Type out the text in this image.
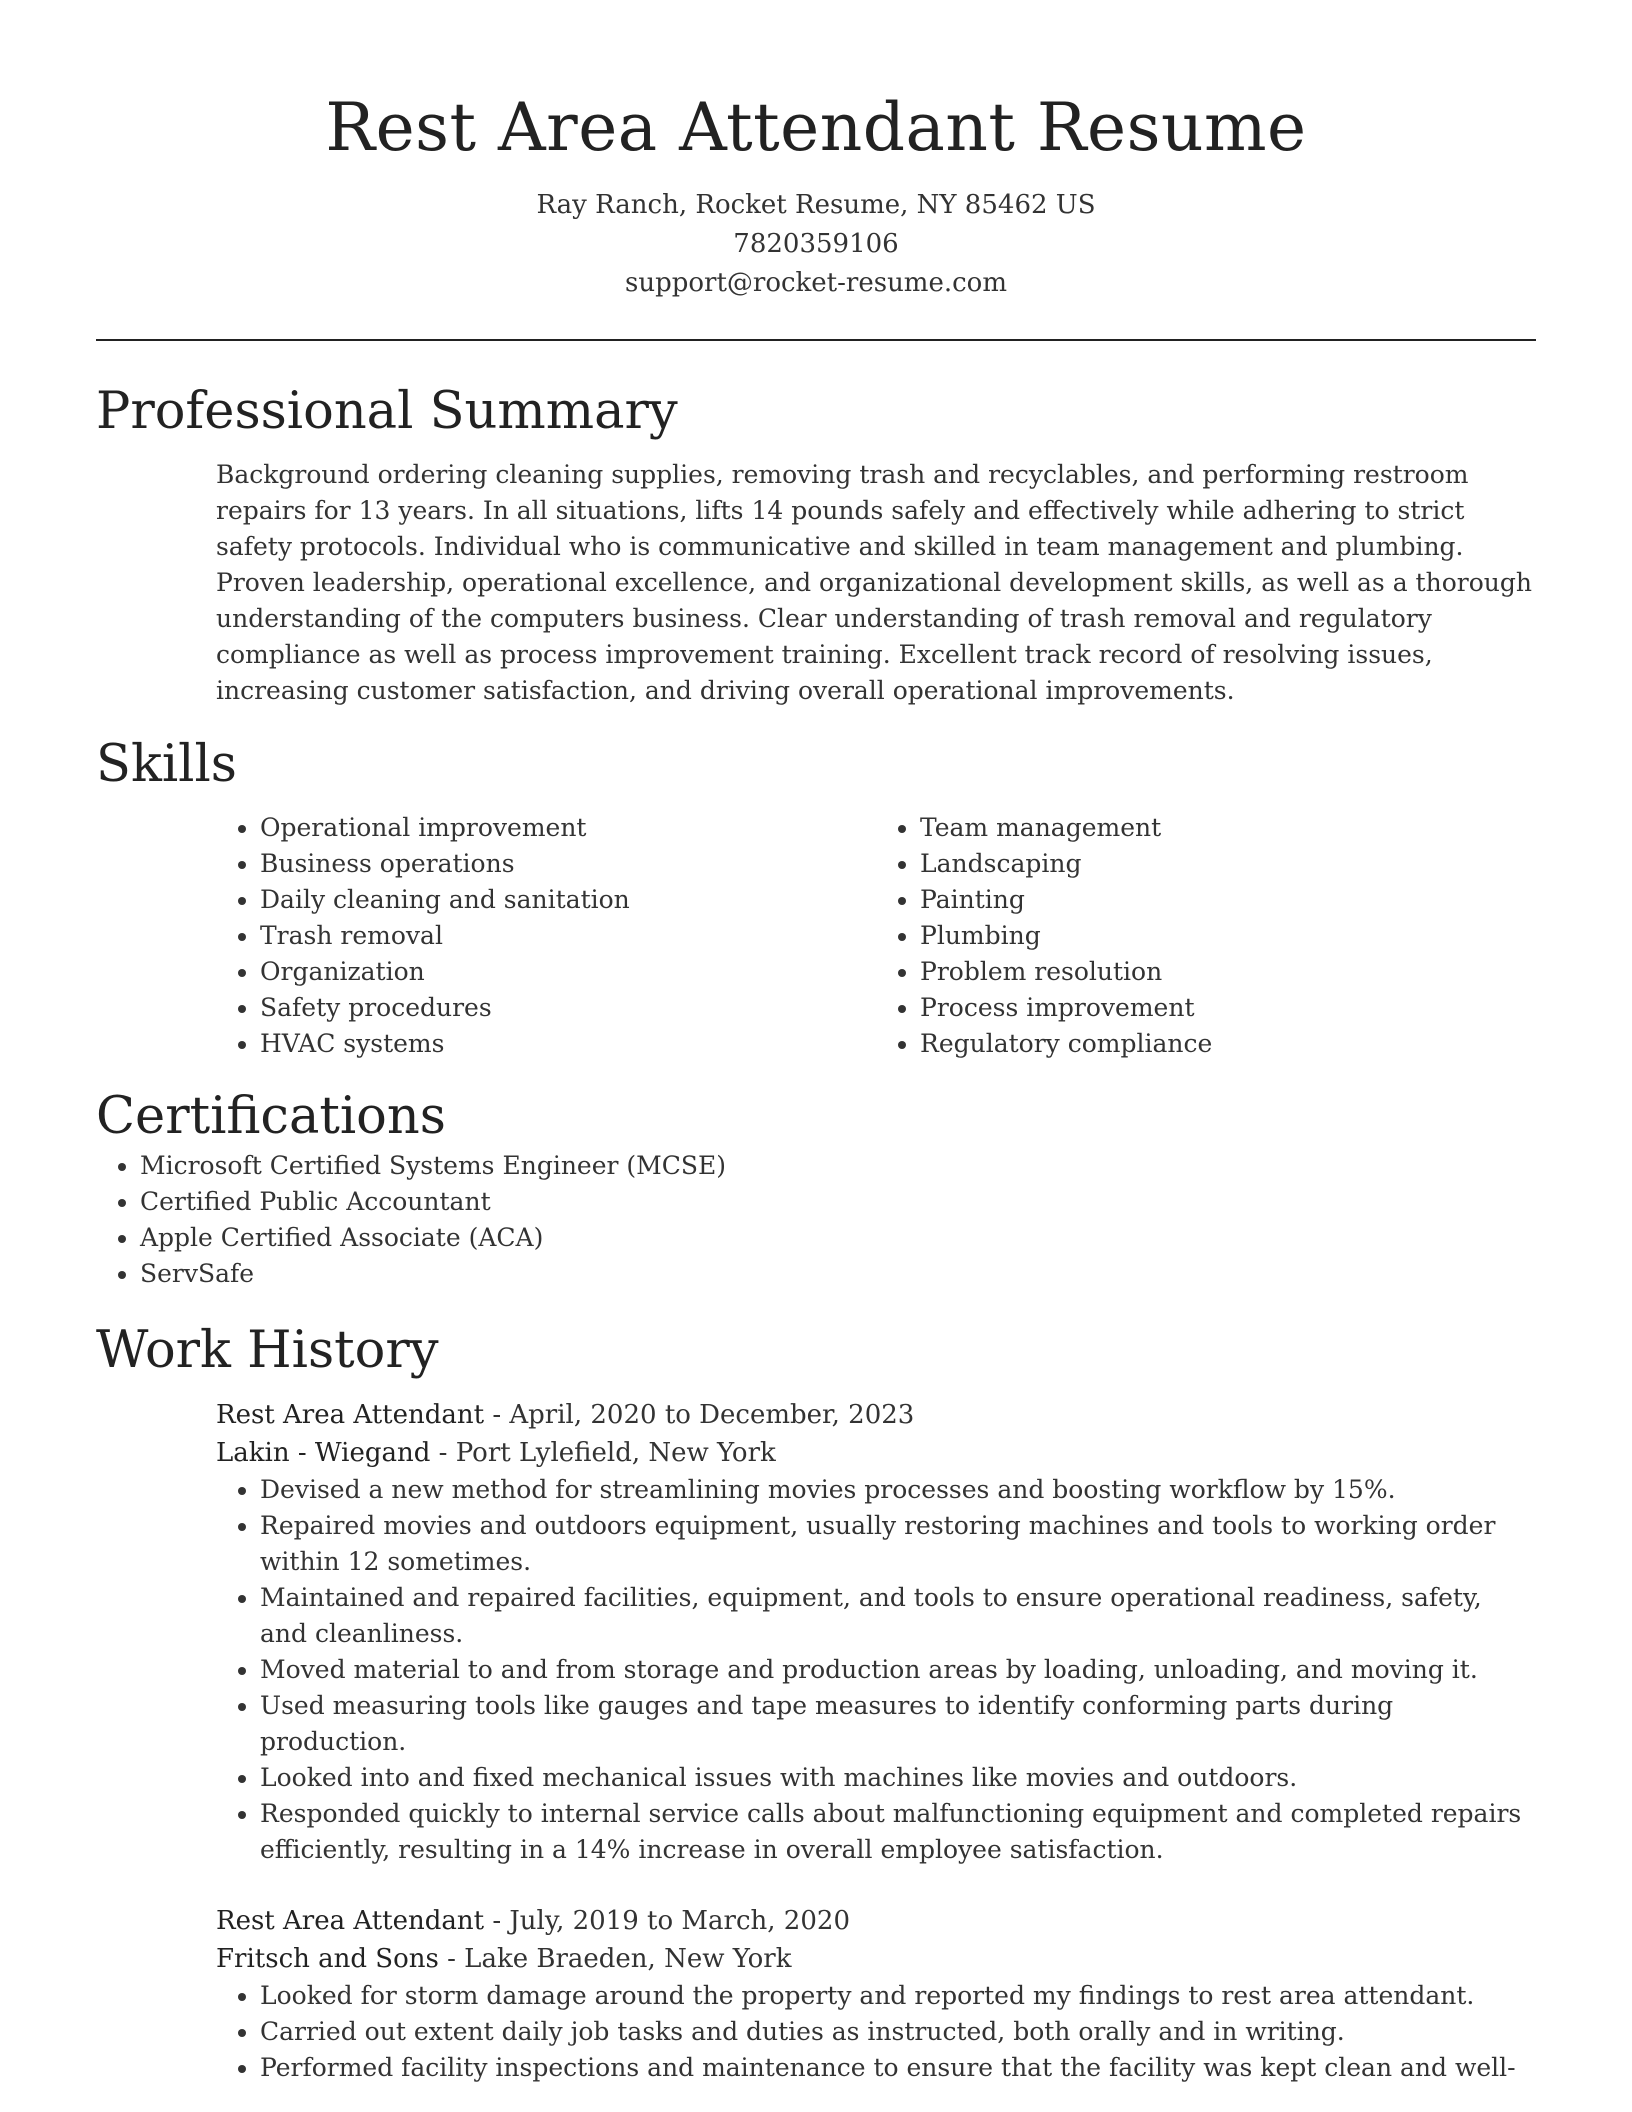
Rest Area Attendant Resume
Ray Ranch, Rocket Resume, NY 85462 US
7820359106
support@rocket-resume.com
Professional Summary

Background ordering cleaning supplies, removing trash and recyclables, and performing restroom repairs for 13 years. In all situations, lifts 14 pounds safely and effectively while adhering to strict safety protocols. Individual who is communicative and skilled in team management and plumbing. Proven leadership, operational excellence, and organizational development skills, as well as a thorough understanding of the computers business. Clear understanding of trash removal and regulatory compliance as well as process improvement training. Excellent track record of resolving issues, increasing customer satisfaction, and driving overall operational improvements.

Skills
• Operational improvement
• Business operations
• Daily cleaning and sanitation
• Trash removal
• Organization
• Safety procedures
• HVAC systems
• Team management
• Landscaping
• Painting
• Plumbing
• Problem resolution
• Process improvement
• Regulatory compliance
Certifications
• Microsoft Certified Systems Engineer (MCSE)
• Certified Public Accountant
• Apple Certified Associate (ACA)
• ServSafe
Work History
Rest Area Attendant - April, 2020 to December, 2023
Lakin - Wiegand - Port Lylefield, New York
• Devised a new method for streamlining movies processes and boosting workflow by 15%.
• Repaired movies and outdoors equipment, usually restoring machines and tools to working order within 12 sometimes.
• Maintained and repaired facilities, equipment, and tools to ensure operational readiness, safety, and cleanliness.
• Moved material to and from storage and production areas by loading, unloading, and moving it.
• Used measuring tools like gauges and tape measures to identify conforming parts during production.
• Looked into and fixed mechanical issues with machines like movies and outdoors.
• Responded quickly to internal service calls about malfunctioning equipment and completed repairs efficiently, resulting in a 14% increase in overall employee satisfaction.
Rest Area Attendant - July, 2019 to March, 2020
Fritsch and Sons - Lake Braeden, New York
• Looked for storm damage around the property and reported my findings to rest area attendant.
• Carried out extent daily job tasks and duties as instructed, both orally and in writing.
• Performed facility inspections and maintenance to ensure that the facility was kept clean and well-
